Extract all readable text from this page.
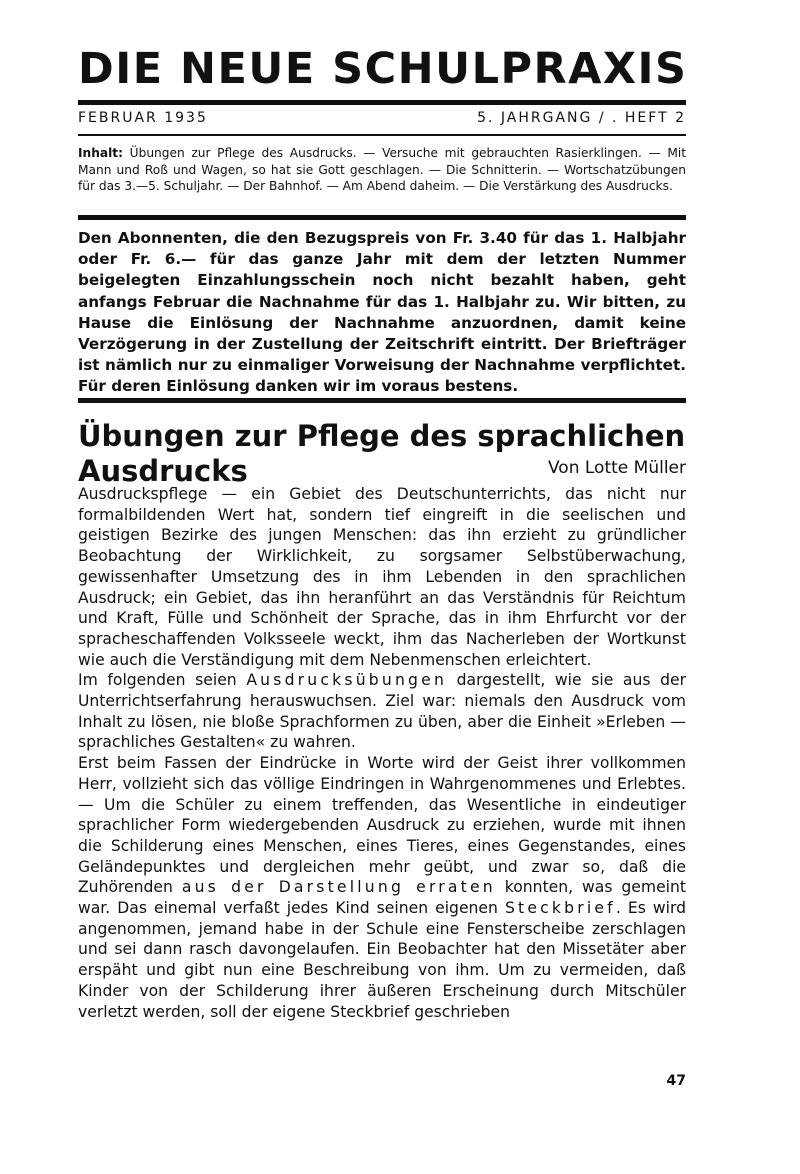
DIE NEUE SCHULPRAXIS
FEBRUAR 1935	5. JAHRGANG / . HEFT 2
Inhalt: Übungen zur Pflege des Ausdrucks. — Versuche mit gebrauchten Rasierklingen. — Mit Mann und Roß und Wagen, so hat sie Gott geschlagen. — Die Schnitterin. — Wortschatzübungen für das 3.—5. Schuljahr. — Der Bahnhof. — Am Abend daheim. — Die Verstärkung des Ausdrucks.
Den Abonnenten, die den Bezugspreis von Fr. 3.40 für das 1. Halbjahr oder Fr. 6.— für das ganze Jahr mit dem der letzten Nummer beigelegten Einzahlungsschein noch nicht bezahlt haben, geht anfangs Februar die Nachnahme für das 1. Halbjahr zu. Wir bitten, zu Hause die Einlösung der Nachnahme anzuordnen, damit keine Verzögerung in der Zustellung der Zeitschrift eintritt. Der Briefträger ist nämlich nur zu einmaliger Vorweisung der Nachnahme verpflichtet. Für deren Einlösung danken wir im voraus bestens.
Übungen zur Pflege des sprachlichen Ausdrucks	Von Lotte Müller

Ausdruckspflege — ein Gebiet des Deutschunterrichts, das nicht nur formalbildenden Wert hat, sondern tief eingreift in die seelischen und geistigen Bezirke des jungen Menschen: das ihn erzieht zu gründlicher Beobachtung der Wirklichkeit, zu sorgsamer Selbstüberwachung, gewissenhafter Umsetzung des in ihm Lebenden in den sprachlichen Ausdruck; ein Gebiet, das ihn heranführt an das Verständnis für Reichtum und Kraft, Fülle und Schönheit der Sprache, das in ihm Ehrfurcht vor der spracheschaffenden Volksseele weckt, ihm das Nacherleben der Wortkunst wie auch die Verständigung mit dem Nebenmenschen erleichtert.

Im folgenden seien Ausdrucksübungen dargestellt, wie sie aus der Unterrichtserfahrung herauswuchsen. Ziel war: niemals den Ausdruck vom Inhalt zu lösen, nie bloße Sprachformen zu üben, aber die Einheit »Erleben — sprachliches Gestalten« zu wahren.

Erst beim Fassen der Eindrücke in Worte wird der Geist ihrer vollkommen Herr, vollzieht sich das völlige Eindringen in Wahrgenommenes und Erlebtes. — Um die Schüler zu einem treffenden, das Wesentliche in eindeutiger sprachlicher Form wiedergebenden Ausdruck zu erziehen, wurde mit ihnen die Schilderung eines Menschen, eines Tieres, eines Gegenstandes, eines Geländepunktes und dergleichen mehr geübt, und zwar so, daß die Zuhörenden aus der Darstellung erraten konnten, was gemeint war. Das einemal verfaßt jedes Kind seinen eigenen Steckbrief. Es wird angenommen, jemand habe in der Schule eine Fensterscheibe zerschlagen und sei dann rasch davongelaufen. Ein Beobachter hat den Missetäter aber erspäht und gibt nun eine Beschreibung von ihm. Um zu vermeiden, daß Kinder von der Schilderung ihrer äußeren Erscheinung durch Mitschüler verletzt werden, soll der eigene Steckbrief geschrieben

47
